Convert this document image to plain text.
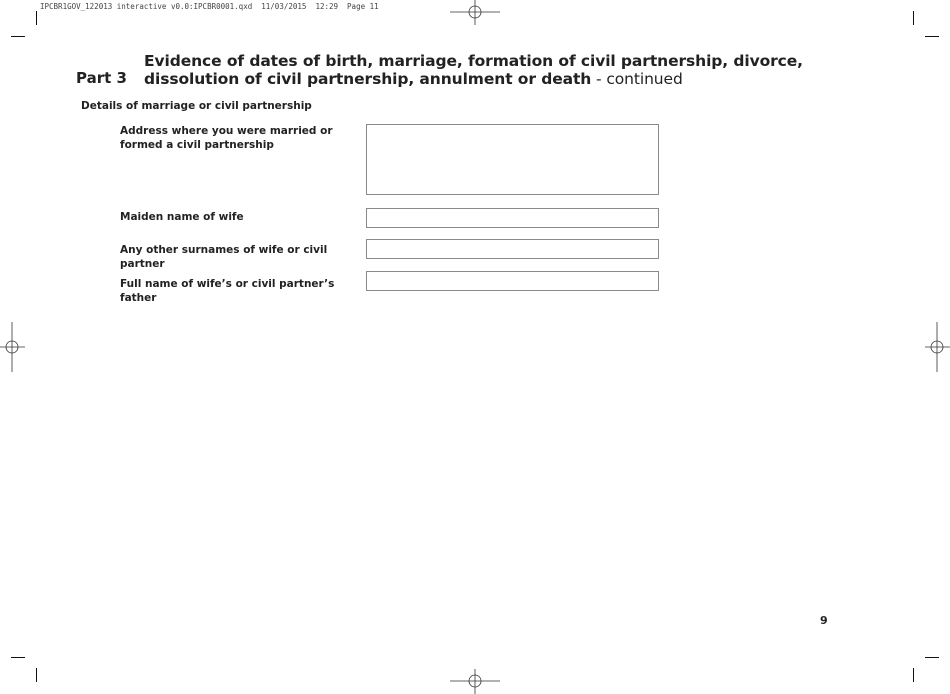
IPCBR1GOV_122013 interactive v0.0:IPCBR0001.qxd  11/03/2015  12:29  Page 11
Part 3
Evidence of dates of birth, marriage, formation of civil partnership, divorce, dissolution of civil partnership, annulment or death - continued
Details of marriage or civil partnership
Address where you were married or formed a civil partnership
Maiden name of wife
Any other surnames of wife or civil partner
Full name of wife’s or civil partner’s father
9
